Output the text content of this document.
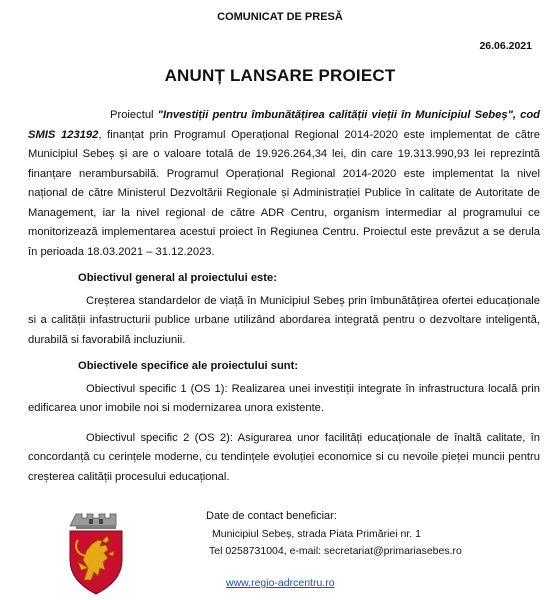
COMUNICAT DE PRESĂ
26.06.2021
ANUNȚ LANSARE PROIECT

Proiectul "Investiții pentru îmbunătățirea calității vieții în Municipiul Sebeș", cod SMIS 123192, finanțat prin Programul Operațional Regional 2014-2020 este implementat de către Municipiul Sebeș și are o valoare totală de 19.926.264,34 lei, din care 19.313.990,93 lei reprezintă finanțare nerambursabilă. Programul Operațional Regional 2014-2020 este implementat la nivel național de către Ministerul Dezvoltării Regionale și Administrației Publice în calitate de Autoritate de Management, iar la nivel regional de către ADR Centru, organism intermediar al programului ce monitorizează implementarea acestui proiect în Regiunea Centru. Proiectul este prevăzut a se derula în perioada 18.03.2021 – 31.12.2023.

Obiectivul general al proiectului este:

Creșterea standardelor de viață în Municipiul Sebeș prin îmbunătățirea ofertei educaționale si a calității infastructurii publice urbane utilizând abordarea integrată pentru o dezvoltare inteligentă, durabilă si favorabilă incluziunii.

Obiectivele specifice ale proiectului sunt:

Obiectivul specific 1 (OS 1): Realizarea unei investiții integrate în infrastructura locală prin edificarea unor imobile noi si modernizarea unora existente.

Obiectivul specific 2 (OS 2): Asigurarea unor facilități educaționale de înaltă calitate, în concordanță cu cerințele moderne, cu tendințele evoluției economice si cu nevoile pieței muncii pentru creșterea calității procesului educațional.

Date de contact beneficiar:
Municipiul Sebeș, strada Piata Primăriei nr. 1
Tel 0258731004, e-mail: secretariat@primariasebes.ro
www.regio-adrcentru.ro
